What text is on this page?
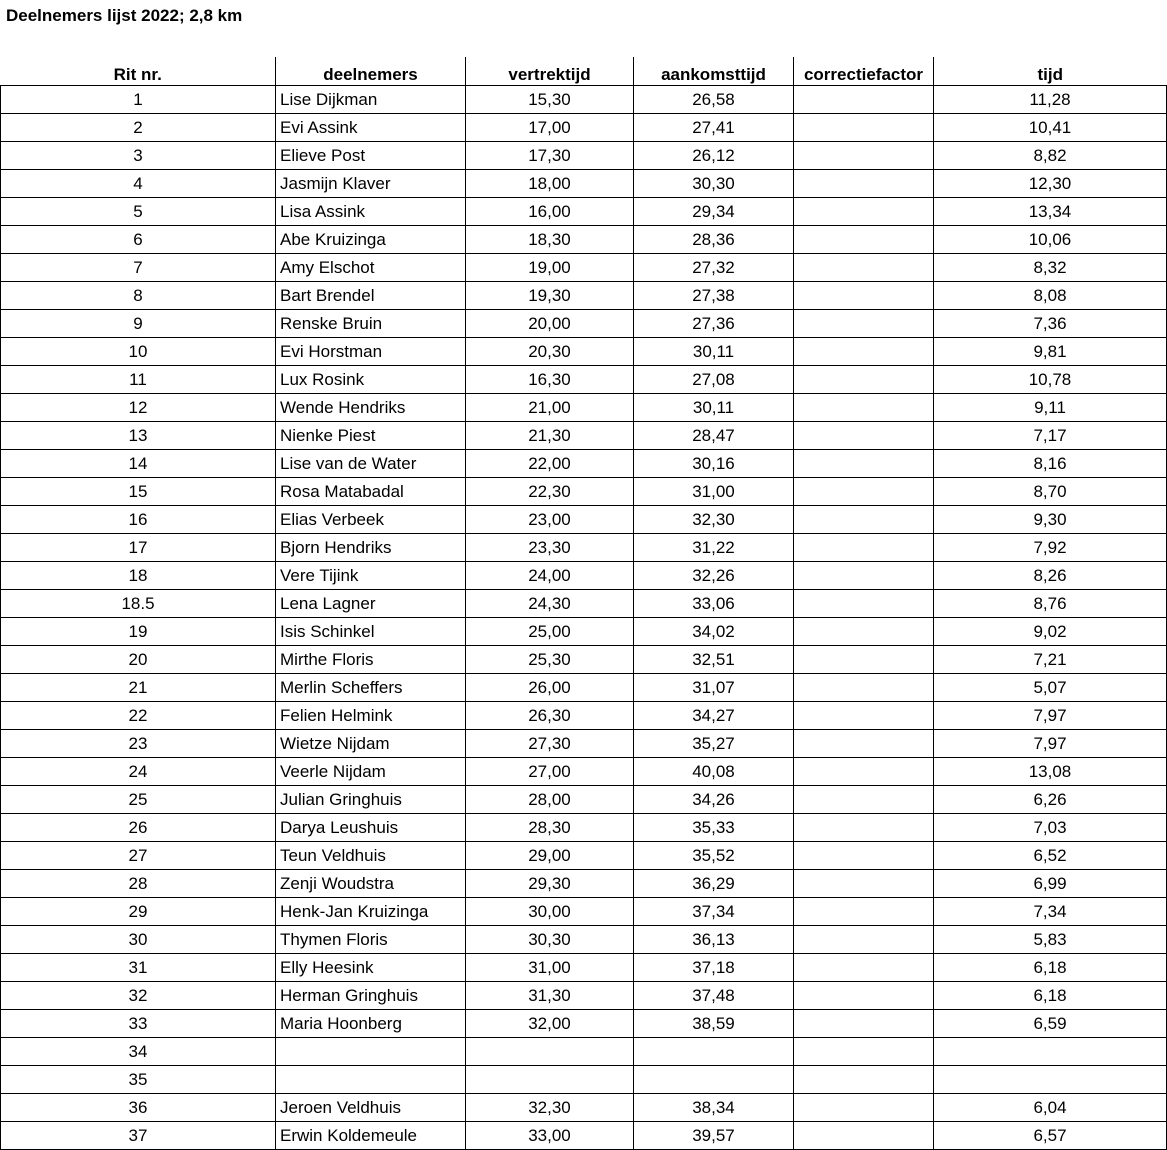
Deelnemers lijst 2022; 2,8 km
Rit nr.	deelnemers	vertrektijd	aankomsttijd	correctiefactor	tijd
1	Lise Dijkman	15,30	26,58		11,28
2	Evi Assink	17,00	27,41		10,41
3	Elieve Post	17,30	26,12		8,82
4	Jasmijn Klaver	18,00	30,30		12,30
5	Lisa Assink	16,00	29,34		13,34
6	Abe Kruizinga	18,30	28,36		10,06
7	Amy Elschot	19,00	27,32		8,32
8	Bart Brendel	19,30	27,38		8,08
9	Renske Bruin	20,00	27,36		7,36
10	Evi Horstman	20,30	30,11		9,81
11	Lux Rosink	16,30	27,08		10,78
12	Wende Hendriks	21,00	30,11		9,11
13	Nienke Piest	21,30	28,47		7,17
14	Lise van de Water	22,00	30,16		8,16
15	Rosa Matabadal	22,30	31,00		8,70
16	Elias Verbeek	23,00	32,30		9,30
17	Bjorn Hendriks	23,30	31,22		7,92
18	Vere Tijink	24,00	32,26		8,26
18.5	Lena Lagner	24,30	33,06		8,76
19	Isis Schinkel	25,00	34,02		9,02
20	Mirthe Floris	25,30	32,51		7,21
21	Merlin Scheffers	26,00	31,07		5,07
22	Felien Helmink	26,30	34,27		7,97
23	Wietze Nijdam	27,30	35,27		7,97
24	Veerle Nijdam	27,00	40,08		13,08
25	Julian Gringhuis	28,00	34,26		6,26
26	Darya Leushuis	28,30	35,33		7,03
27	Teun Veldhuis	29,00	35,52		6,52
28	Zenji Woudstra	29,30	36,29		6,99
29	Henk-Jan Kruizinga	30,00	37,34		7,34
30	Thymen Floris	30,30	36,13		5,83
31	Elly Heesink	31,00	37,18		6,18
32	Herman Gringhuis	31,30	37,48		6,18
33	Maria Hoonberg	32,00	38,59		6,59
34					
35					
36	Jeroen Veldhuis	32,30	38,34		6,04
37	Erwin Koldemeule	33,00	39,57		6,57
